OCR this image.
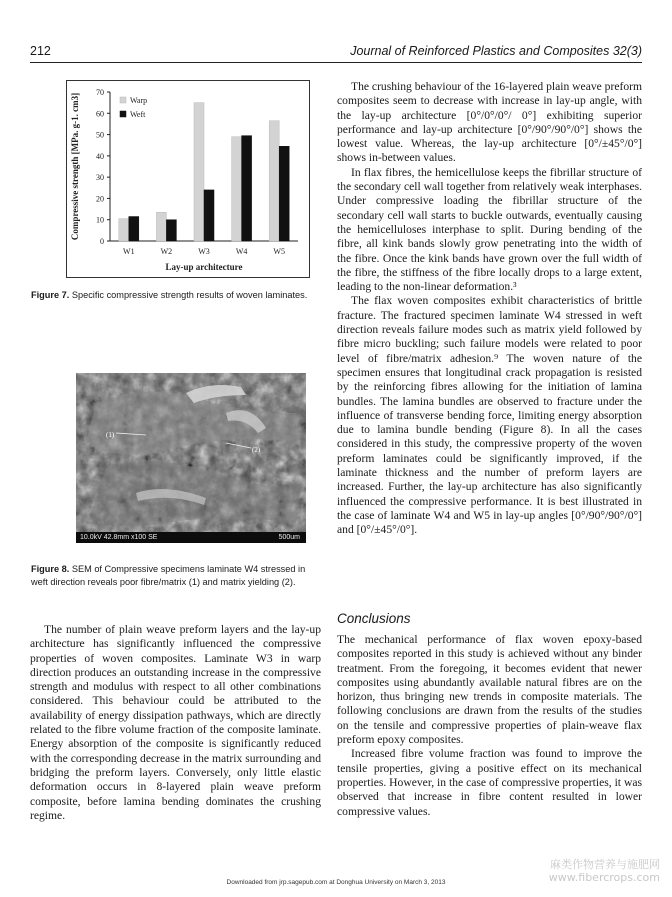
212	Journal of Reinforced Plastics and Composites 32(3)
0
10
20
30
40
50
60
70
W1	W2	W3	W4	W5
Lay-up architecture
Compressive strength [MPa. g-1. cm3]	Warp
Weft
Figure 7. Specific compressive strength results of woven laminates.
(1)
(2)
10.0kV 42.8mm x100 SE	500um
Figure 8. SEM of Compressive specimens laminate W4 stressed in weft direction reveals poor fibre/matrix (1) and matrix yielding (2).

The number of plain weave preform layers and the lay-up architecture has significantly influenced the compressive properties of woven composites. Laminate W3 in warp direction produces an outstanding increase in the compressive strength and modulus with respect to all other combinations considered. This behaviour could be attributed to the availability of energy dissipation pathways, which are directly related to the fibre volume fraction of the composite laminate. Energy absorption of the composite is significantly reduced with the corresponding decrease in the matrix surrounding and bridging the preform layers. Conversely, only little elastic deformation occurs in 8-layered plain weave preform composite, before lamina bending dominates the crushing regime.

The crushing behaviour of the 16-layered plain weave preform composites seem to decrease with increase in lay-up angle, with the lay-up architecture [0°/0°/0°/ 0°] exhibiting superior performance and lay-up architecture [0°/90°/90°/0°] shows the lowest value. Whereas, the lay-up architecture [0°/±45°/0°] shows in-between values.

In flax fibres, the hemicellulose keeps the fibrillar structure of the secondary cell wall together from relatively weak interphases. Under compressive loading the fibrillar structure of the secondary cell wall starts to buckle outwards, eventually causing the hemicelluloses interphase to split. During bending of the fibre, all kink bands slowly grow penetrating into the width of the fibre. Once the kink bands have grown over the full width of the fibre, the stiffness of the fibre locally drops to a large extent, leading to the non-linear deformation.³

The flax woven composites exhibit characteristics of brittle fracture. The fractured specimen laminate W4 stressed in weft direction reveals failure modes such as matrix yield followed by fibre micro buckling; such failure models were related to poor level of fibre/matrix adhesion.⁹ The woven nature of the specimen ensures that longitudinal crack propagation is resisted by the reinforcing fibres allowing for the initiation of lamina bundles. The lamina bundles are observed to fracture under the influence of transverse bending force, limiting energy absorption due to lamina bundle bending (Figure 8). In all the cases considered in this study, the compressive property of the woven preform laminates could be significantly improved, if the laminate thickness and the number of preform layers are increased. Further, the lay-up architecture has also significantly influenced the compressive performance. It is best illustrated in the case of laminate W4 and W5 in lay-up angles [0°/90°/90°/0°] and [0°/±45°/0°].

Conclusions

The mechanical performance of flax woven epoxy-based composites reported in this study is achieved without any binder treatment. From the foregoing, it becomes evident that newer composites using abundantly available natural fibres are on the horizon, thus bringing new trends in composite materials. The following conclusions are drawn from the results of the studies on the tensile and compressive properties of plain-weave flax preform epoxy composites.

Increased fibre volume fraction was found to improve the tensile properties, giving a positive effect on its mechanical properties. However, in the case of compressive properties, it was observed that increase in fibre content resulted in lower compressive values.

Downloaded from jrp.sagepub.com at Donghua University on March 3, 2013
麻类作物营养与施肥网
www.fibercrops.com
